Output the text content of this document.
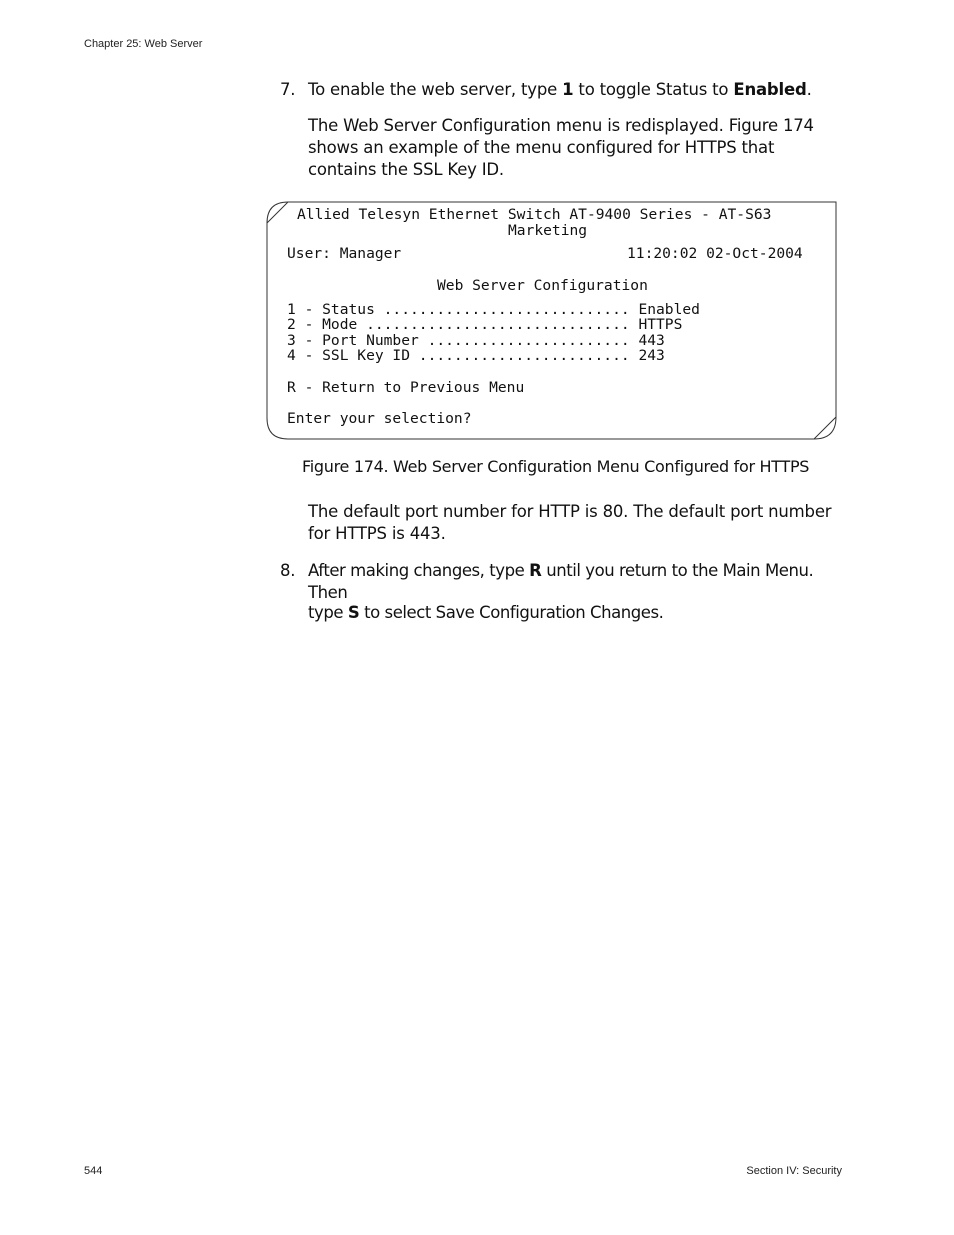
Chapter 25: Web Server
7. To enable the web server, type 1 to toggle Status to Enabled.
The Web Server Configuration menu is redisplayed. Figure 174
shows an example of the menu configured for HTTPS that
contains the SSL Key ID.
Allied Telesyn Ethernet Switch AT-9400 Series - AT-S63
Marketing
User: Manager	11:20:02 02-Oct-2004
Web Server Configuration
1 - Status ............................ Enabled
2 - Mode .............................. HTTPS
3 - Port Number ....................... 443
4 - SSL Key ID ........................ 243
R - Return to Previous Menu
Enter your selection?
Figure 174. Web Server Configuration Menu Configured for HTTPS
The default port number for HTTP is 80. The default port number
for HTTPS is 443.
8. After making changes, type R until you return to the Main Menu. Then
type S to select Save Configuration Changes.
544	Section IV: Security
